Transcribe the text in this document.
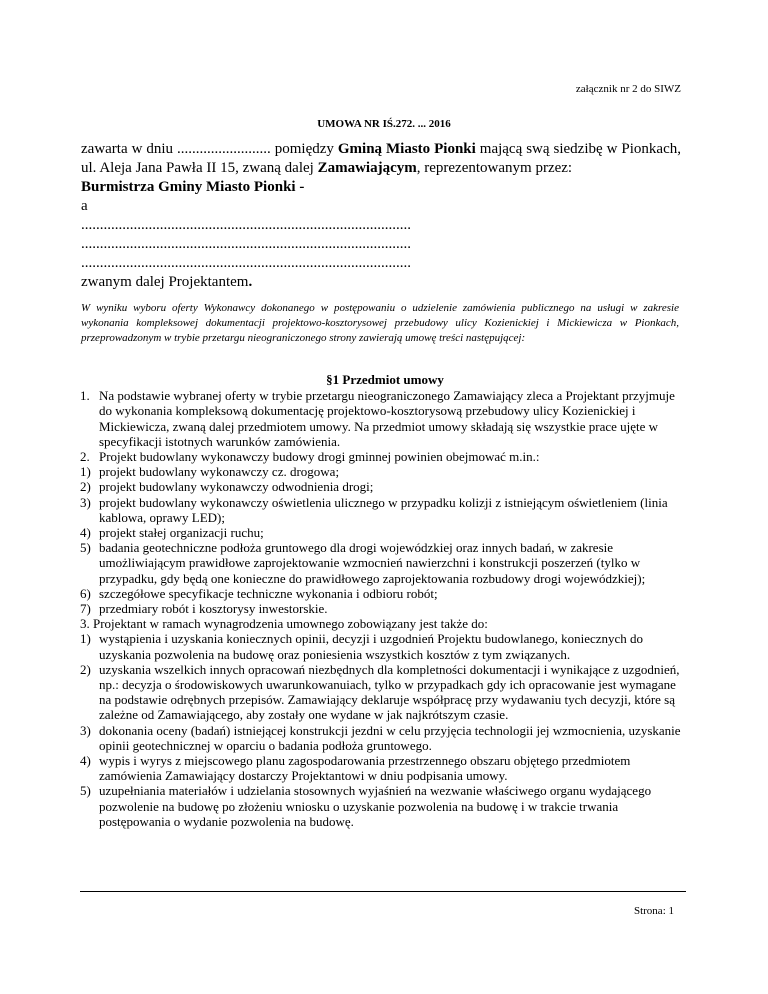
załącznik nr 2 do SIWZ
UMOWA NR IŚ.272. ... 2016
zawarta w dniu ......................... pomiędzy Gminą Miasto Pionki mającą swą siedzibę w Pionkach, ul. Aleja Jana Pawła II 15, zwaną dalej Zamawiającym, reprezentowanym przez:
Burmistrza Gminy Miasto Pionki -
a
........................................................................................
........................................................................................
........................................................................................
zwanym dalej Projektantem.
W wyniku wyboru oferty Wykonawcy dokonanego w postępowaniu o udzielenie zamówienia publicznego na usługi w zakresie wykonania kompleksowej dokumentacji projektowo-kosztorysowej przebudowy ulicy Kozienickiej i Mickiewicza w Pionkach, przeprowadzonym w trybie przetargu nieograniczonego strony zawierają umowę treści następującej:
§1 Przedmiot umowy
1. Na podstawie wybranej oferty w trybie przetargu nieograniczonego Zamawiający zleca a Projektant przyjmuje do wykonania kompleksową dokumentację projektowo-kosztorysową przebudowy ulicy Kozienickiej i Mickiewicza, zwaną dalej przedmiotem umowy. Na przedmiot umowy składają się wszystkie prace ujęte w specyfikacji istotnych warunków zamówienia.
2. Projekt budowlany wykonawczy budowy drogi gminnej powinien obejmować m.in.:
1) projekt budowlany wykonawczy cz. drogowa;
2) projekt budowlany wykonawczy odwodnienia drogi;
3) projekt budowlany wykonawczy oświetlenia ulicznego w przypadku kolizji z istniejącym oświetleniem (linia kablowa, oprawy LED);
4) projekt stałej organizacji ruchu;
5) badania geotechniczne podłoża gruntowego dla drogi wojewódzkiej oraz innych badań, w zakresie umożliwiającym prawidłowe zaprojektowanie wzmocnień nawierzchni i konstrukcji poszerzeń (tylko w przypadku, gdy będą one konieczne do prawidłowego zaprojektowania rozbudowy drogi wojewódzkiej);
6) szczegółowe specyfikacje techniczne wykonania i odbioru robót;
7) przedmiary robót i kosztorysy inwestorskie.
3. Projektant w ramach wynagrodzenia umownego zobowiązany jest także do:
1) wystąpienia i uzyskania koniecznych opinii, decyzji i uzgodnień Projektu budowlanego, koniecznych do uzyskania pozwolenia na budowę oraz poniesienia wszystkich kosztów z tym związanych.
2) uzyskania wszelkich innych opracowań niezbędnych dla kompletności dokumentacji i wynikające z uzgodnień, np.: decyzja o środowiskowych uwarunkowanuiach, tylko w przypadkach gdy ich opracowanie jest wymagane na podstawie odrębnych przepisów. Zamawiający deklaruje współpracę przy wydawaniu tych decyzji, które są zależne od Zamawiającego, aby zostały one wydane w jak najkrótszym czasie.
3) dokonania oceny (badań) istniejącej konstrukcji jezdni w celu przyjęcia technologii jej wzmocnienia, uzyskanie opinii geotechnicznej w oparciu o badania podłoża gruntowego.
4) wypis i wyrys z miejscowego planu zagospodarowania przestrzennego obszaru objętego przedmiotem zamówienia Zamawiający dostarczy Projektantowi w dniu podpisania umowy.
5) uzupełniania materiałów i udzielania stosownych wyjaśnień na wezwanie właściwego organu wydającego pozwolenie na budowę po złożeniu wniosku o uzyskanie pozwolenia na budowę i w trakcie trwania postępowania o wydanie pozwolenia na budowę.
Strona: 1
